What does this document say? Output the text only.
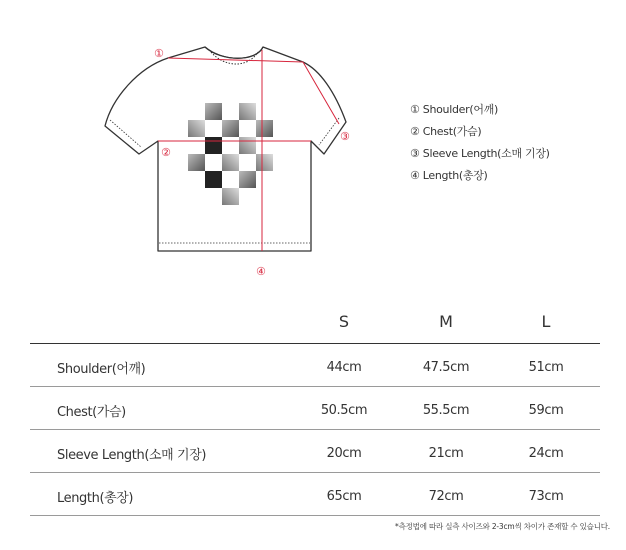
①
②
③
④
① Shoulder(어깨)
② Chest(가슴)
③ Sleeve Length(소매 기장)
④ Length(총장)
S	M	L
Shoulder(어깨)	44cm	47.5cm	51cm
Chest(가슴)	50.5cm	55.5cm	59cm
Sleeve Length(소매 기장)	20cm	21cm	24cm
Length(총장)	65cm	72cm	73cm
*측정법에 따라 실측 사이즈와 2-3cm씩 차이가 존재할 수 있습니다.
